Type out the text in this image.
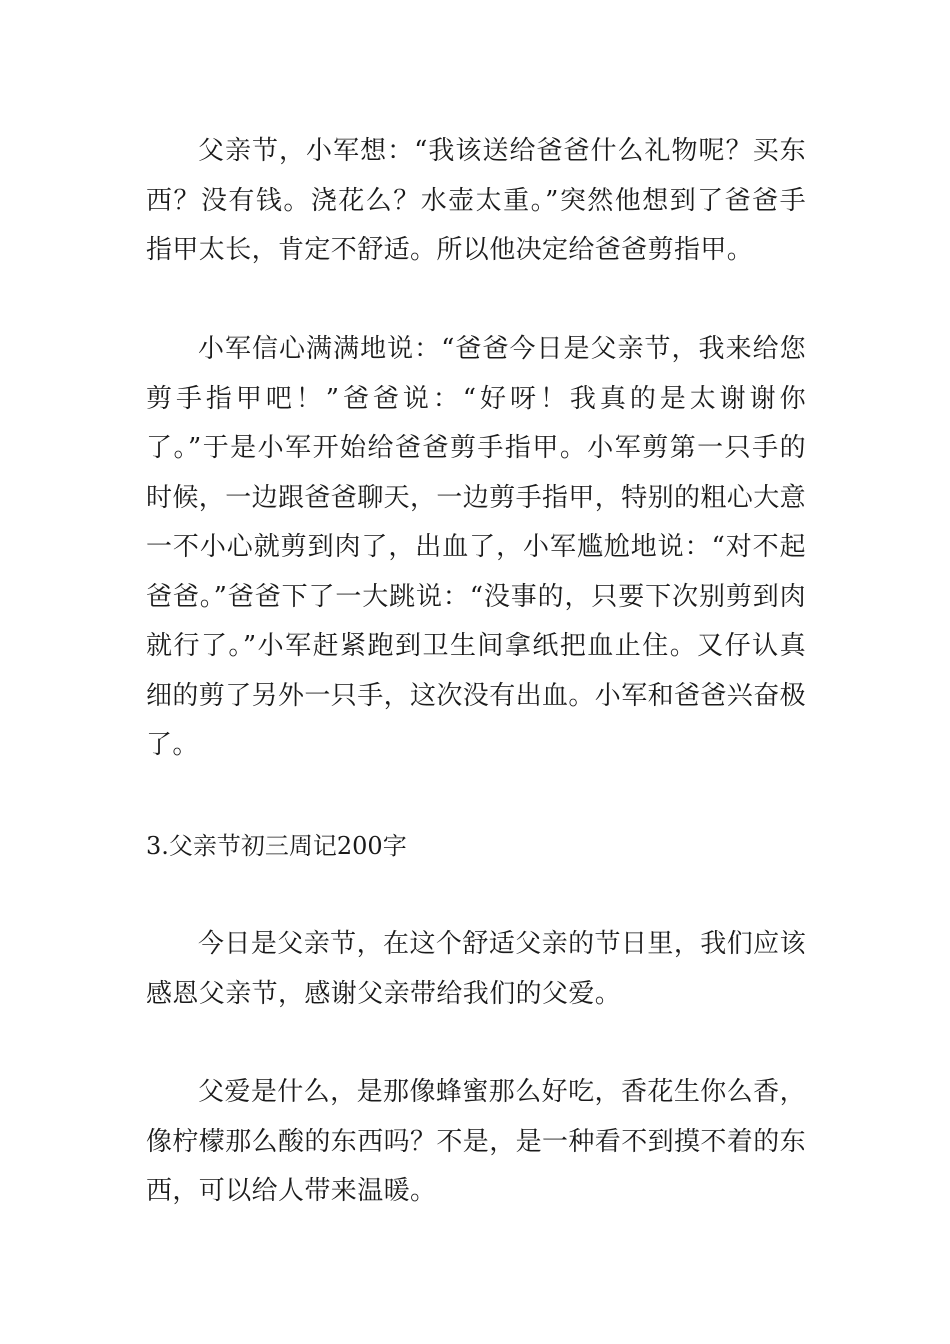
父亲节，小军想：“我该送给爸爸什么礼物呢？买东西？没有钱。浇花么？水壶太重。”突然他想到了爸爸手指甲太长，肯定不舒适。所以他决定给爸爸剪指甲。

小军信心满满地说：“爸爸今日是父亲节，我来给您剪手指甲吧！”爸爸说：“好呀！我真的是太谢谢你了。”于是小军开始给爸爸剪手指甲。小军剪第一只手的时候，一边跟爸爸聊天，一边剪手指甲，特别的粗心大意一不小心就剪到肉了，出血了，小军尴尬地说：“对不起爸爸。”爸爸下了一大跳说：“没事的，只要下次别剪到肉就行了。”小军赶紧跑到卫生间拿纸把血止住。又仔认真细的剪了另外一只手，这次没有出血。小军和爸爸兴奋极了。

3.父亲节初三周记200字

今日是父亲节，在这个舒适父亲的节日里，我们应该感恩父亲节，感谢父亲带给我们的父爱。

父爱是什么，是那像蜂蜜那么好吃，香花生你么香，像柠檬那么酸的东西吗？不是，是一种看不到摸不着的东西，可以给人带来温暖。
